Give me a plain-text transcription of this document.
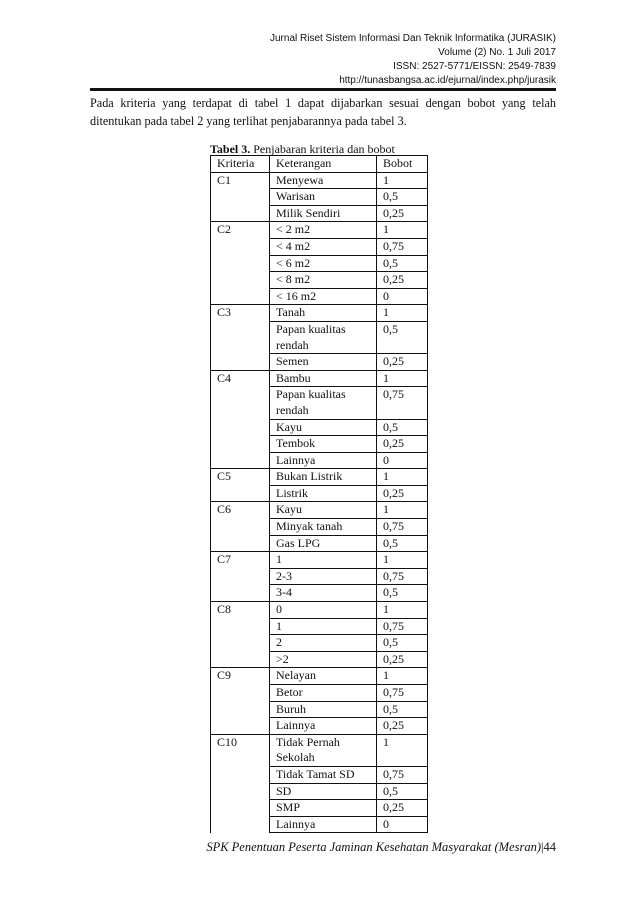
Jurnal Riset Sistem Informasi Dan Teknik Informatika (JURASIK)
Volume (2) No. 1 Juli 2017
ISSN: 2527-5771/EISSN: 2549-7839
http://tunasbangsa.ac.id/ejurnal/index.php/jurasik
Pada kriteria yang terdapat di tabel 1 dapat dijabarkan sesuai dengan bobot yang telah ditentukan pada tabel 2 yang terlihat penjabarannya pada tabel 3.
Tabel 3. Penjabaran kriteria dan bobot
Kriteria	Keterangan	Bobot
C1	Menyewa	1
	Warisan	0,5
	Milik Sendiri	0,25
C2	< 2 m2	1
	< 4 m2	0,75
	< 6 m2	0,5
	< 8 m2	0,25
	< 16 m2	0
C3	Tanah	1
	Papan kualitas rendah	0,5
	Semen	0,25
C4	Bambu	1
	Papan kualitas rendah	0,75
	Kayu	0,5
	Tembok	0,25
	Lainnya	0
C5	Bukan Listrik	1
	Listrik	0,25
C6	Kayu	1
	Minyak tanah	0,75
	Gas LPG	0,5
C7	1	1
	2-3	0,75
	3-4	0,5
C8	0	1
	1	0,75
	2	0,5
	>2	0,25
C9	Nelayan	1
	Betor	0,75
	Buruh	0,5
	Lainnya	0,25
C10	Tidak Pernah Sekolah	1
	Tidak Tamat SD	0,75
	SD	0,5
	SMP	0,25
	Lainnya	0
SPK Penentuan Peserta Jaminan Kesehatan Masyarakat (Mesran)|44
